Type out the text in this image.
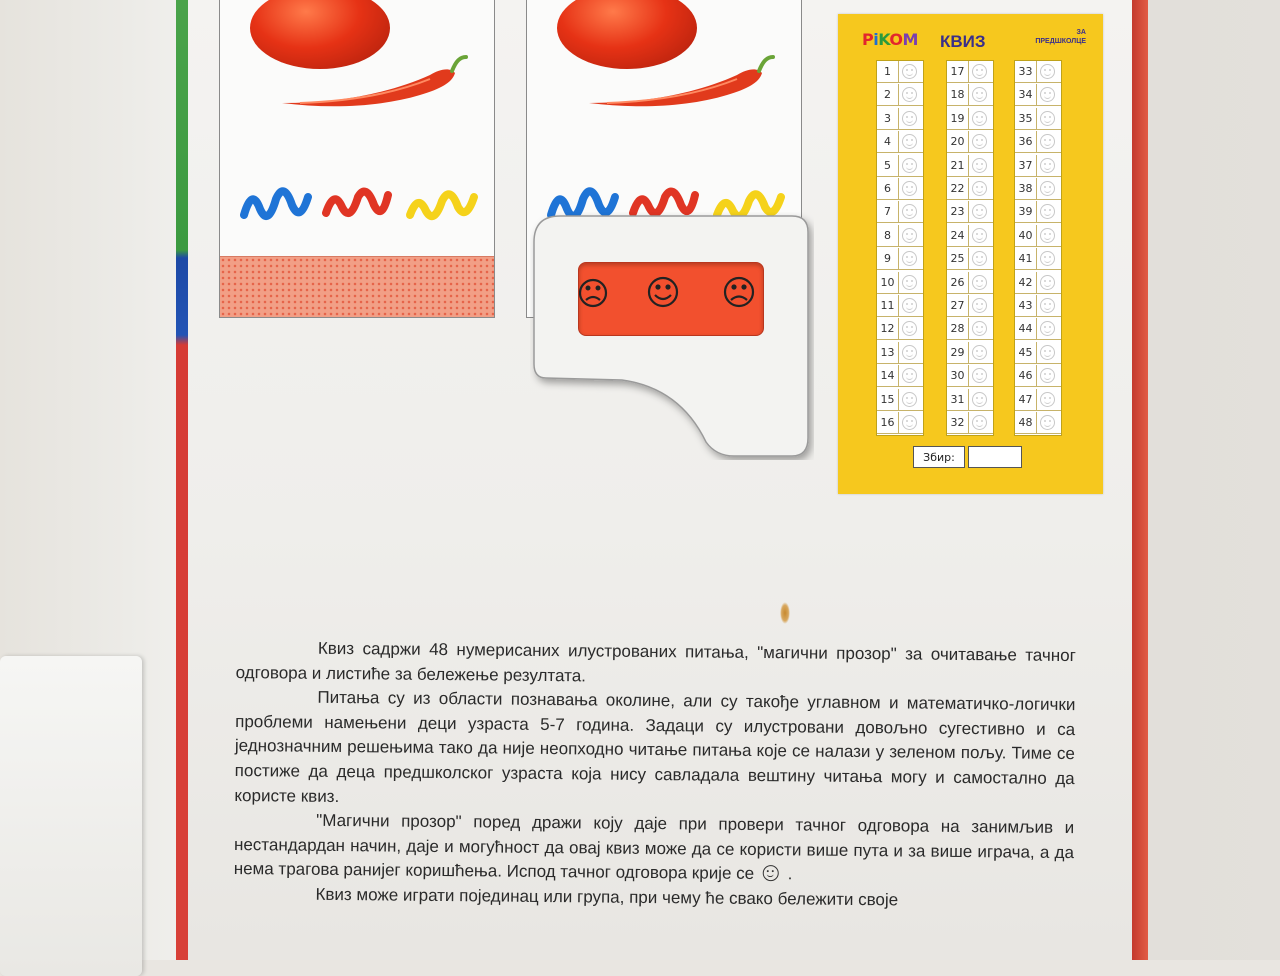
PiKOM КВИЗ	ЗА
ПРЕДШКОЛЦЕ
1
2
3
4
5
6
7
8
9
10
11
12
13
14
15
16
17
18
19
20
21
22
23
24
25
26
27
28
29
30
31
32
33
34
35
36
37
38
39
40
41
42
43
44
45
46
47
48
Збир:

Квиз садржи 48 нумерисаних илустрованих питања, "магични прозор" за очитавање тачног одговора и листиће за бележење резултата.

Питања су из области познавања околине, али су такође углавном и математичко-логички проблеми намењени деци узраста 5-7 година. Задаци су илустровани довољно сугестивно и са једнозначним решењима тако да није неопходно читање питања које се налази у зеленом пољу. Тиме се постиже да деца предшколског узраста која нису савладала вештину читања могу и самостално да користе квиз.

"Магични прозор" поред дражи коју даје при провери тачног одговора на занимљив и нестандардан начин, даје и могућност да овај квиз може да се користи више пута и за више играча, а да нема трагова ранијег коришћења. Испод тачног одговора крије се .

Квиз може играти појединац или група, при чему ће свако бележити своје
